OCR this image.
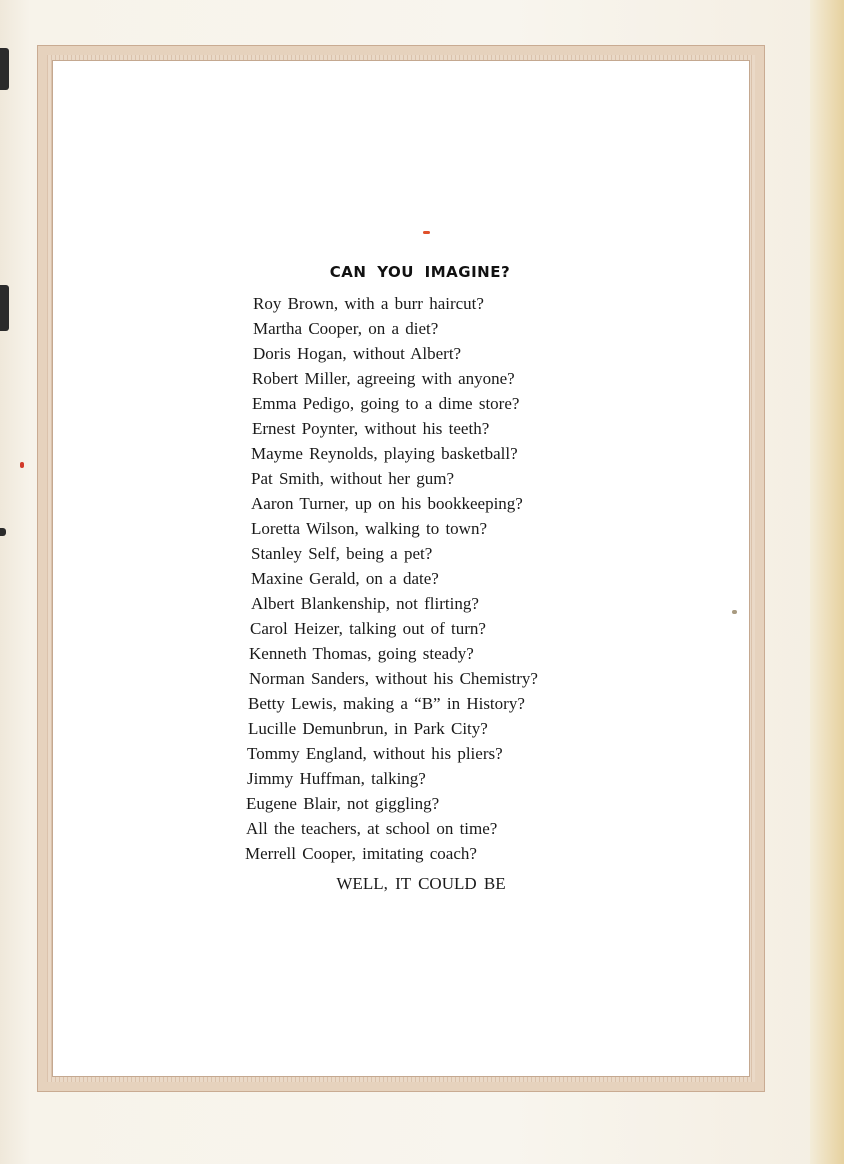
CAN YOU IMAGINE?
Roy Brown, with a burr haircut?
Martha Cooper, on a diet?
Doris Hogan, without Albert?
Robert Miller, agreeing with anyone?
Emma Pedigo, going to a dime store?
Ernest Poynter, without his teeth?
Mayme Reynolds, playing basketball?
Pat Smith, without her gum?
Aaron Turner, up on his bookkeeping?
Loretta Wilson, walking to town?
Stanley Self, being a pet?
Maxine Gerald, on a date?
Albert Blankenship, not flirting?
Carol Heizer, talking out of turn?
Kenneth Thomas, going steady?
Norman Sanders, without his Chemistry?
Betty Lewis, making a “B” in History?
Lucille Demunbrun, in Park City?
Tommy England, without his pliers?
Jimmy Huffman, talking?
Eugene Blair, not giggling?
All the teachers, at school on time?
Merrell Cooper, imitating coach?
WELL, IT COULD BE
